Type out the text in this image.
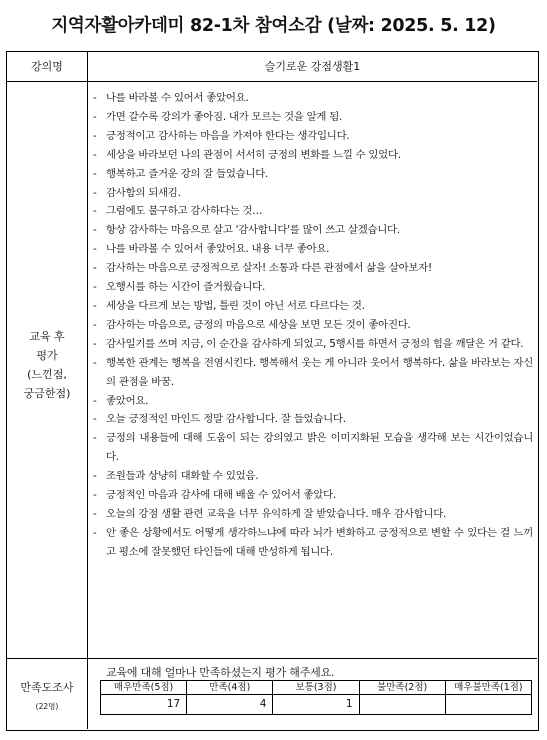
지역자활아카데미 82-1차 참여소감 (날짜: 2025. 5. 12)
강의명	슬기로운 강점생활1
교육 후
평가
(느낀점,
궁금한점)
- 나를 바라볼 수 있어서 좋았어요.
- 가면 갈수록 강의가 좋아짐. 내가 모르는 것을 알게 됨.
- 긍정적이고 감사하는 마음을 가져야 한다는 생각입니다.
- 세상을 바라보던 나의 관점이 서서히 긍정의 변화를 느낄 수 있었다.
- 행복하고 즐거운 강의 잘 들었습니다.
- 감사함의 되새김.
- 그럼에도 불구하고 감사하다는 것…
- 항상 감사하는 마음으로 살고 '감사합니다'를 많이 쓰고 살겠습니다.
- 나를 바라볼 수 있어서 좋았어요. 내용 너무 좋아요.
- 감사하는 마음으로 긍정적으로 살자! 소통과 다른 관점에서 삶을 살아보자!
- 오행시를 하는 시간이 즐거웠습니다.
- 세상을 다르게 보는 방법, 틀린 것이 아닌 서로 다르다는 것.
- 감사하는 마음으로, 긍정의 마음으로 세상을 보면 모든 것이 좋아진다.
- 감사일기를 쓰며 지금, 이 순간을 감사하게 되었고, 5행시를 하면서 긍정의 힘을 깨달은 거 같다.
- 행복한 관계는 행복을 전염시킨다. 행복해서 웃는 게 아니라 웃어서 행복하다. 삶을 바라보는 자신의 관점을 바꿈.
- 좋았어요.
- 오늘 긍정적인 마인드 정말 감사합니다. 잘 들었습니다.
- 긍정의 내용들에 대해 도움이 되는 강의였고 밝은 이미지화된 모습을 생각해 보는 시간이었습니다.
- 조원들과 상냥히 대화할 수 있었음.
- 긍정적인 마음과 감사에 대해 배울 수 있어서 좋았다.
- 오늘의 강점 생활 관련 교육을 너무 유익하게 잘 받았습니다. 매우 감사합니다.
- 안 좋은 상황에서도 어떻게 생각하느냐에 따라 뇌가 변화하고 긍정적으로 변할 수 있다는 걸 느끼고 평소에 잘못했던 타인들에 대해 반성하게 됩니다.
만족도조사
(22명)
교육에 대해 얼마나 만족하셨는지 평가 해주세요.
매우만족(5점)	만족(4점)	보통(3점)	불만족(2점)	매우불만족(1점)
17	4	1		
